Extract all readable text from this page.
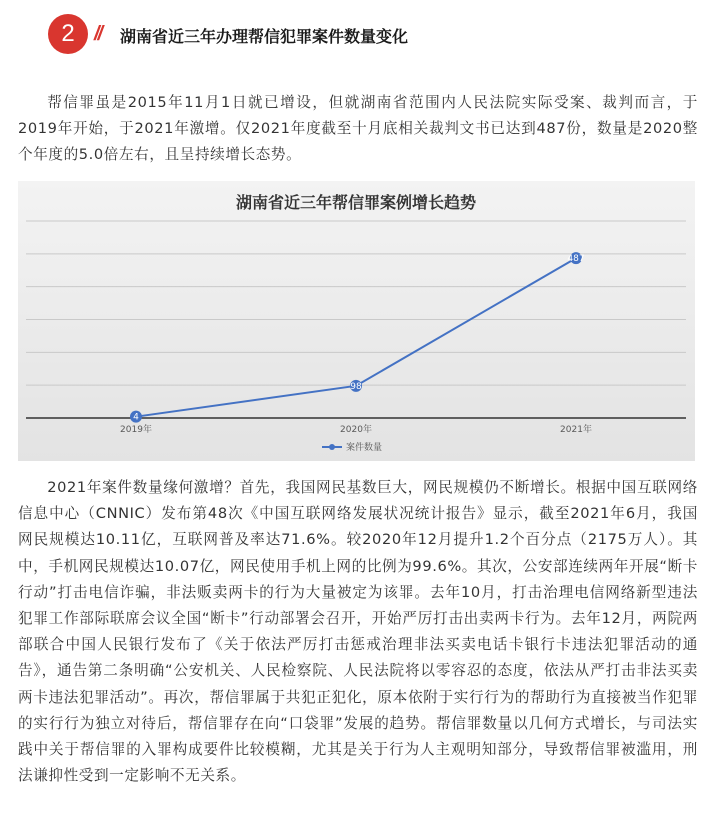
2 // 湖南省近三年办理帮信犯罪案件数量变化

帮信罪虽是2015年11月1日就已增设，但就湖南省范围内人民法院实际受案、裁判而言，于2019年开始，于2021年激增。仅2021年度截至十月底相关裁判文书已达到487份，数量是2020整个年度的5.0倍左右，且呈持续增长态势。

湖南省近三年帮信罪案例增长趋势
2019年	2020年	2021年
4
98
487
案件数量

2021年案件数量缘何激增？首先，我国网民基数巨大，网民规模仍不断增长。根据中国互联网络信息中心（CNNIC）发布第48次《中国互联网络发展状况统计报告》显示，截至2021年6月，我国网民规模达10.11亿，互联网普及率达71.6%。较2020年12月提升1.2个百分点（2175万人）。其中，手机网民规模达10.07亿，网民使用手机上网的比例为99.6%。其次，公安部连续两年开展“断卡行动”打击电信诈骗，非法贩卖两卡的行为大量被定为该罪。去年10月，打击治理电信网络新型违法犯罪工作部际联席会议全国“断卡”行动部署会召开，开始严厉打击出卖两卡行为。去年12月，两院两部联合中国人民银行发布了《关于依法严厉打击惩戒治理非法买卖电话卡银行卡违法犯罪活动的通告》，通告第二条明确“公安机关、人民检察院、人民法院将以零容忍的态度，依法从严打击非法买卖两卡违法犯罪活动”。再次，帮信罪属于共犯正犯化，原本依附于实行行为的帮助行为直接被当作犯罪的实行行为独立对待后，帮信罪存在向“口袋罪”发展的趋势。帮信罪数量以几何方式增长，与司法实践中关于帮信罪的入罪构成要件比较模糊，尤其是关于行为人主观明知部分，导致帮信罪被滥用，刑法谦抑性受到一定影响不无关系。
